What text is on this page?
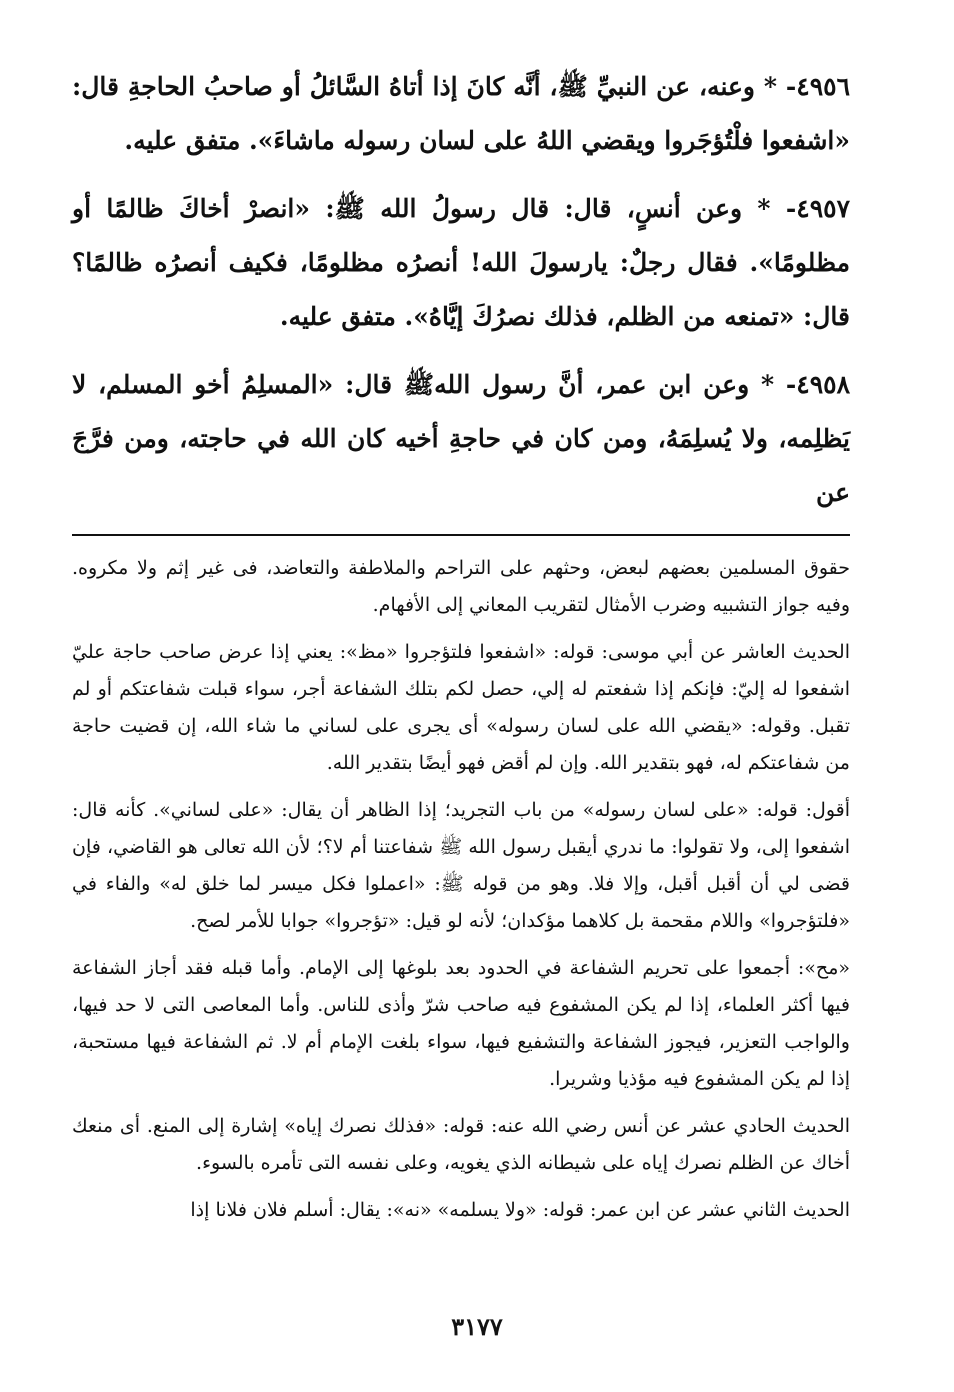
٤٩٥٦- * وعنه، عن النبيِّ ﷺ، أنَّه كانَ إذا أتاهُ السَّائلُ أو صاحبُ الحاجةِ قال: «اشفعوا فلْتُؤجَروا ويقضي اللهُ على لسان رسوله ماشاءَ». متفق عليه.

٤٩٥٧- * وعن أنسٍ، قال: قال رسولُ الله ﷺ: «انصرْ أخاكَ ظالمًا أو مظلومًا». فقال رجلٌ: يارسولَ الله! أنصرُه مظلومًا، فكيف أنصرُه ظالمًا؟ قال: «تمنعه من الظلم، فذلك نصرُكَ إيَّاهُ». متفق عليه.

٤٩٥٨- * وعن ابن عمر، أنَّ رسول اللهﷺ قال: «المسلِمُ أخو المسلم، لا يَظلِمه، ولا يُسلِمَهُ، ومن كان في حاجةِ أخيه كان الله في حاجته، ومن فرَّجَ عن

حقوق المسلمين بعضهم لبعض، وحثهم على التراحم والملاطفة والتعاضد، فى غير إثم ولا مكروه. وفيه جواز التشبيه وضرب الأمثال لتقريب المعاني إلى الأفهام.

الحديث العاشر عن أبي موسى: قوله: «اشفعوا فلتؤجروا «مظ»: يعني إذا عرض صاحب حاجة عليّ اشفعوا له إليّ: فإنكم إذا شفعتم له إلي، حصل لكم بتلك الشفاعة أجر، سواء قبلت شفاعتكم أو لم تقبل. وقوله: «يقضي الله على لسان رسوله» أى يجرى على لساني ما شاء الله، إن قضيت حاجة من شفاعتكم له، فهو بتقدير الله. وإن لم أقض فهو أيضًا بتقدير الله.

أقول: قوله: «على لسان رسوله» من باب التجريد؛ إذا الظاهر أن يقال: «على لساني». كأنه قال: اشفعوا إلى، ولا تقولوا: ما ندري أيقبل رسول الله ﷺ شفاعتنا أم لا؟؛ لأن الله تعالى هو القاضي، فإن قضى لي أن أقبل أقبل، وإلا فلا. وهو من قوله ﷺ: «اعملوا فكل ميسر لما خلق له» والفاء في «فلتؤجروا» واللام مقحمة بل كلاهما مؤكدان؛ لأنه لو قيل: «تؤجروا» جوابا للأمر لصح.

«مح»: أجمعوا على تحريم الشفاعة في الحدود بعد بلوغها إلى الإمام. وأما قبله فقد أجاز الشفاعة فيها أكثر العلماء، إذا لم يكن المشفوع فيه صاحب شرّ وأذى للناس. وأما المعاصى التى لا حد فيها، والواجب التعزير، فيجوز الشفاعة والتشفيع فيها، سواء بلغت الإمام أم لا. ثم الشفاعة فيها مستحبة، إذا لم يكن المشفوع فيه مؤذيا وشريرا.

الحديث الحادي عشر عن أنس رضي الله عنه: قوله: «فذلك نصرك إياه» إشارة إلى المنع. أى منعك أخاك عن الظلم نصرك إياه على شيطانه الذي يغويه، وعلى نفسه التى تأمره بالسوء.

الحديث الثاني عشر عن ابن عمر: قوله: «ولا يسلمه» «نه»: يقال: أسلم فلان فلانا إذا

٣١٧٧
